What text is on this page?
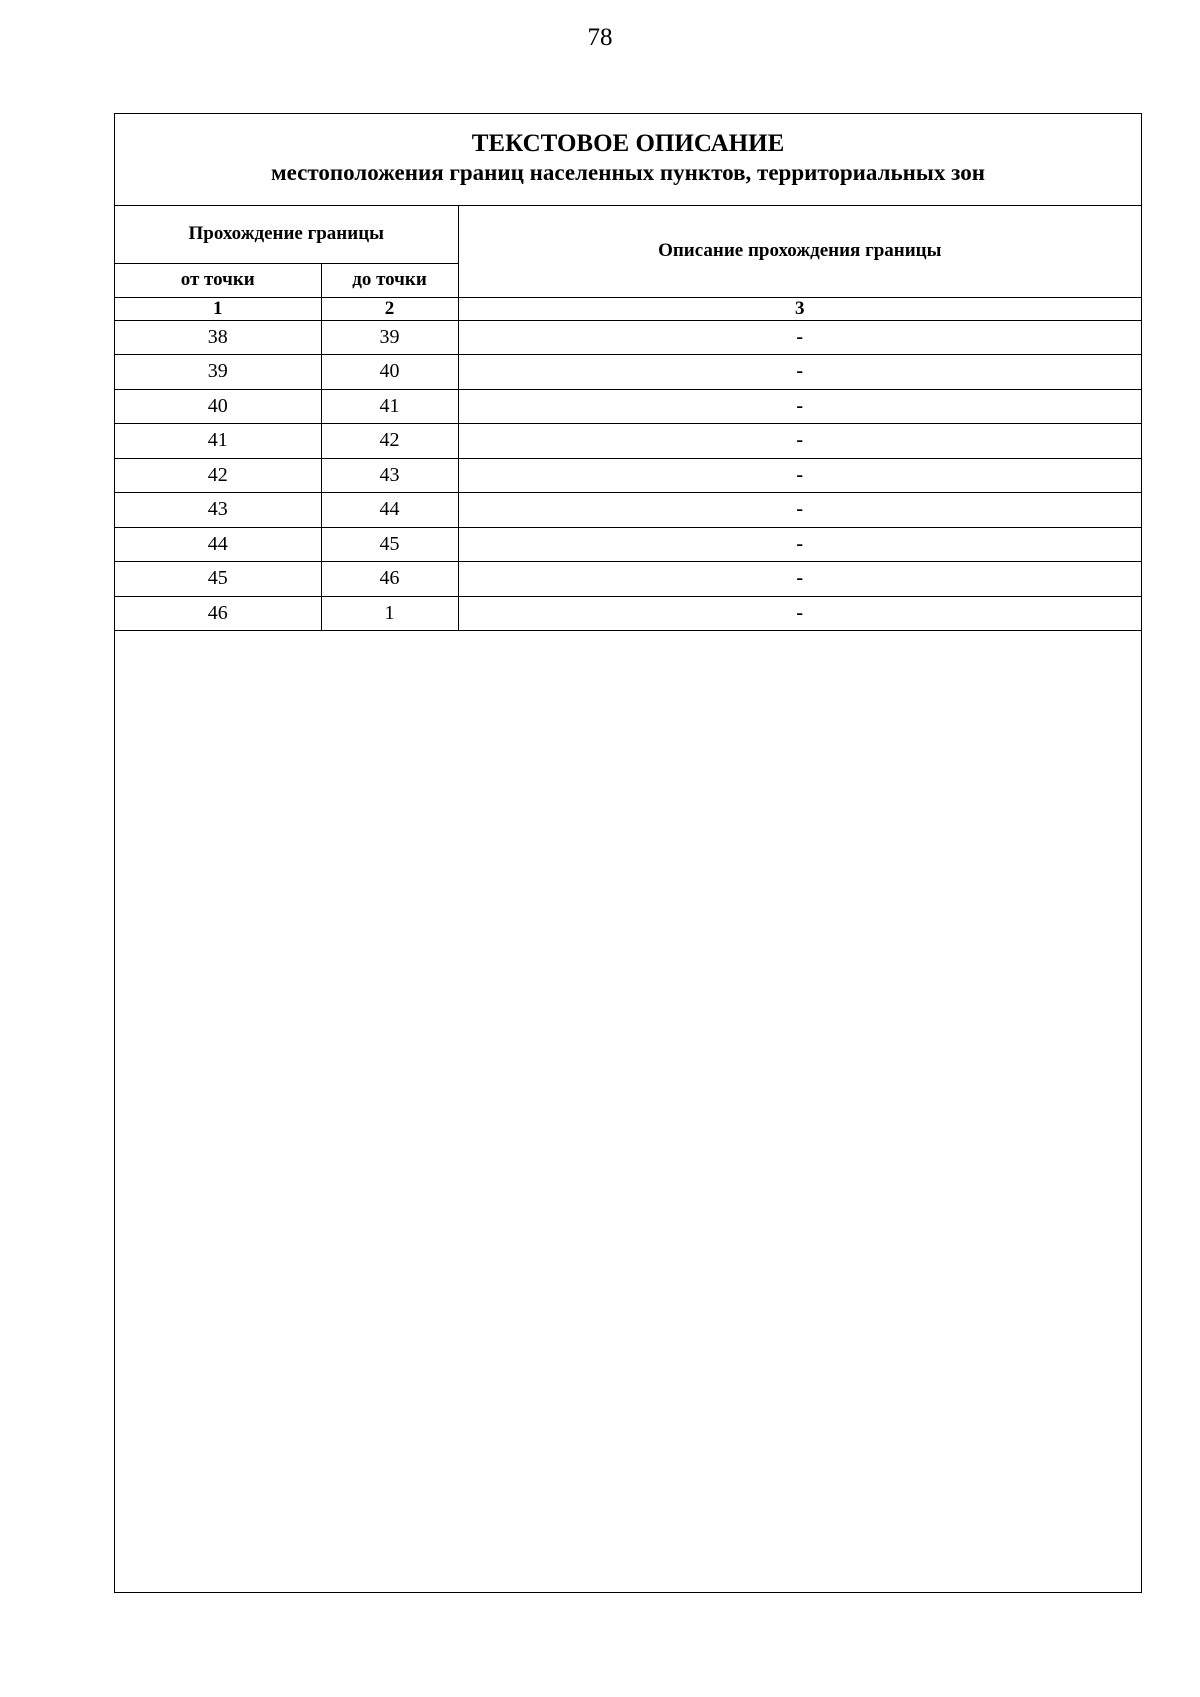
78
ТЕКСТОВОЕ ОПИСАНИЕ
местоположения границ населенных пунктов, территориальных зон
Прохождение границы		Описание прохождения границы
от точки	до точки	
1	2	3
38	39	-
39	40	-
40	41	-
41	42	-
42	43	-
43	44	-
44	45	-
45	46	-
46	1	-
